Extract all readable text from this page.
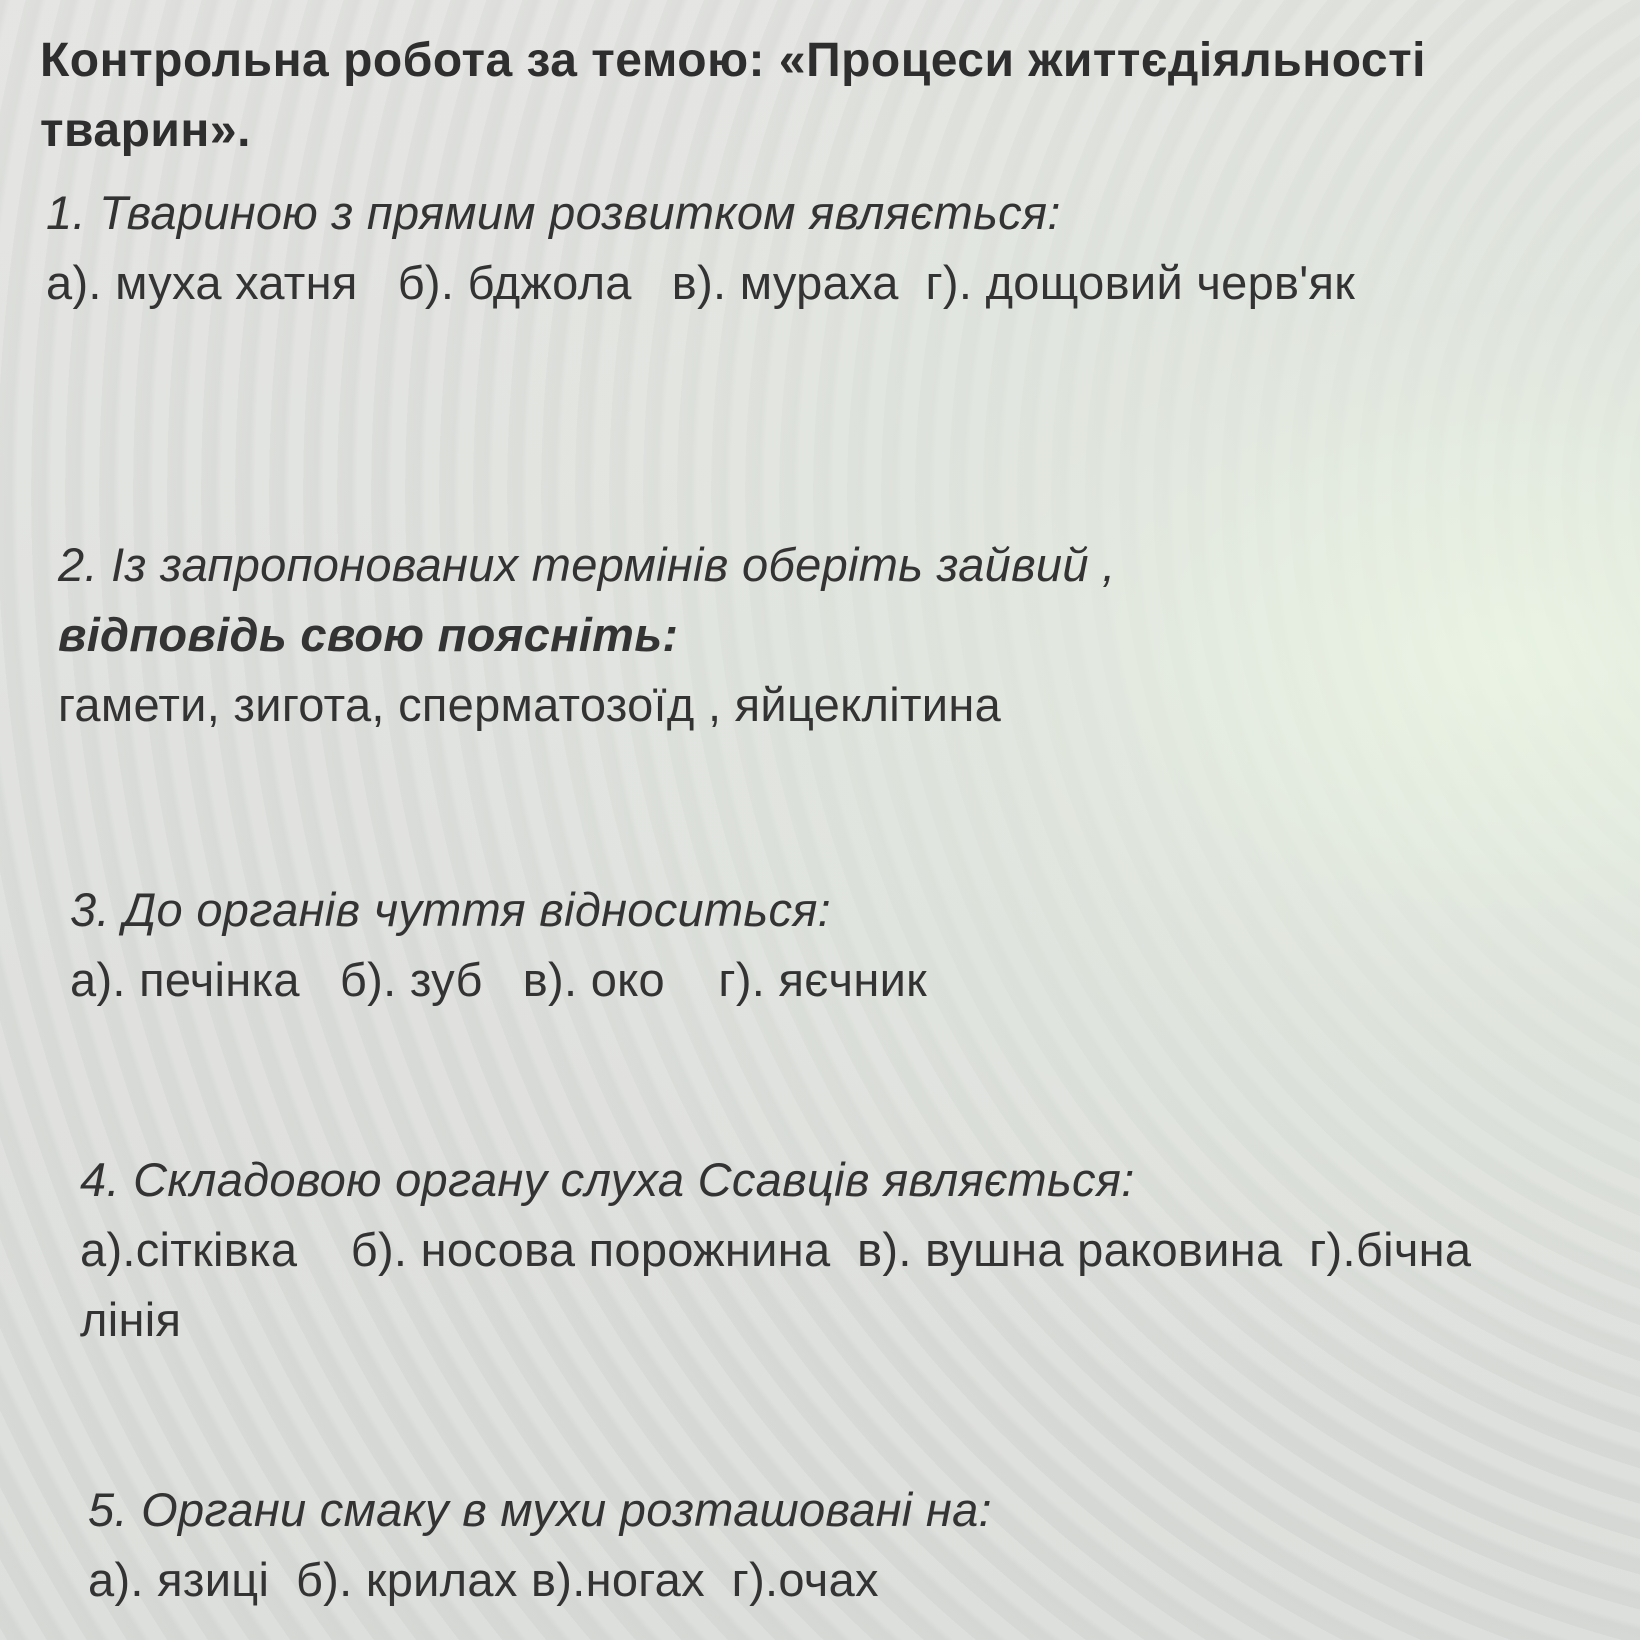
Контрольна робота за темою: «Процеси життєдіяльності тварин».
1. Твариною з прямим розвитком являється:
а). муха хатня   б). бджола   в). мураха  г). дощовий черв'як
2. Із запропонованих термінів оберіть зайвий ,
відповідь свою поясніть:
гамети, зигота, сперматозоїд , яйцеклітина
3. До органів чуття відноситься:
а). печінка   б). зуб   в). око    г). яєчник
4. Складовою органу слуха Ссавців являється:
а).сітківка    б). носова порожнина  в). вушна раковина  г).бічна лінія
5. Органи смаку в мухи розташовані на:
а). язиці  б). крилах в).ногах  г).очах
